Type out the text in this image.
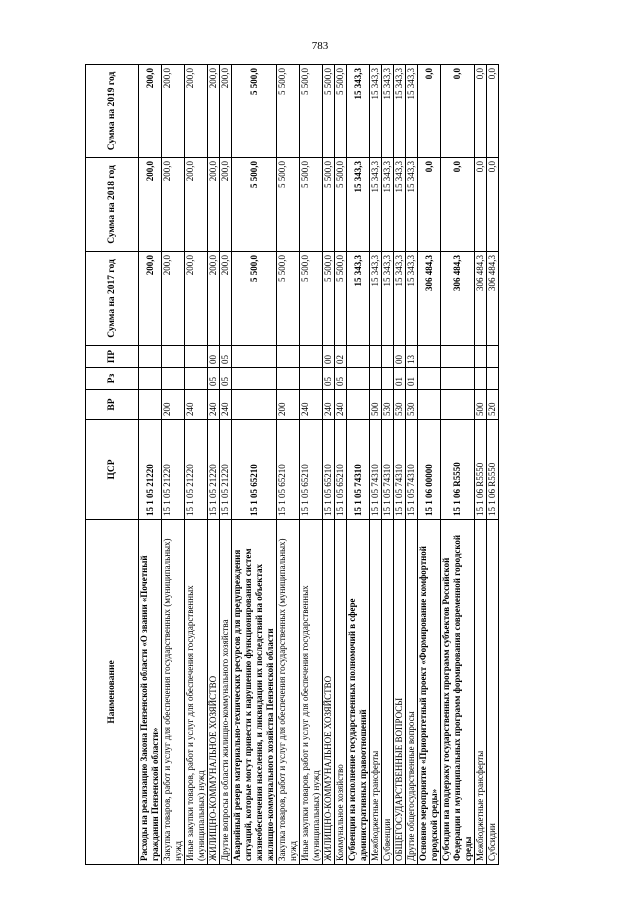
783
Наименование	ЦСР	ВР	Рз	ПР	Сумма на 2017 год	Сумма на 2018 год	Сумма на 2019 год
Расходы на реализацию Закона Пензенской области «О звании «Почетный гражданин Пензенской области»	15 1 05 21220				200,0	200,0	200,0
Закупка товаров, работ и услуг для обеспечения государственных (муниципальных) нужд	15 1 05 21220	200			200,0	200,0	200,0
Иные закупки товаров, работ и услуг для обеспечения государственных (муниципальных) нужд	15 1 05 21220	240			200,0	200,0	200,0
ЖИЛИЩНО-КОММУНАЛЬНОЕ ХОЗЯЙСТВО	15 1 05 21220	240	05	00	200,0	200,0	200,0
Другие вопросы в области жилищно-коммунального хозяйства	15 1 05 21220	240	05	05	200,0	200,0	200,0
Аварийный резерв материально-технических ресурсов для предупреждения ситуаций, которые могут привести к нарушению функционирования систем жизнеобеспечения населения, и ликвидации их последствий на объектах жилищно-коммунального хозяйства Пензенской области	15 1 05 65210				5 500,0	5 500,0	5 500,0
Закупка товаров, работ и услуг для обеспечения государственных (муниципальных) нужд	15 1 05 65210	200			5 500,0	5 500,0	5 500,0
Иные закупки товаров, работ и услуг для обеспечения государственных (муниципальных) нужд	15 1 05 65210	240			5 500,0	5 500,0	5 500,0
ЖИЛИЩНО-КОММУНАЛЬНОЕ ХОЗЯЙСТВО	15 1 05 65210	240	05	00	5 500,0	5 500,0	5 500,0
Коммунальное хозяйство	15 1 05 65210	240	05	02	5 500,0	5 500,0	5 500,0
Субвенции на исполнение государственных полномочий в сфере административных правоотношений	15 1 05 74310				15 343,3	15 343,3	15 343,3
Межбюджетные трансферты	15 1 05 74310	500			15 343,3	15 343,3	15 343,3
Субвенции	15 1 05 74310	530			15 343,3	15 343,3	15 343,3
ОБЩЕГОСУДАРСТВЕННЫЕ ВОПРОСЫ	15 1 05 74310	530	01	00	15 343,3	15 343,3	15 343,3
Другие общегосударственные вопросы	15 1 05 74310	530	01	13	15 343,3	15 343,3	15 343,3
Основное мероприятие «Приоритетный проект «Формирование комфортной городской среды»	15 1 06 00000				306 484,3	0,0	0,0
Субсидии на поддержку государственных программ субъектов Российской Федерации и муниципальных программ формирования современной городской среды	15 1 06 R5550				306 484,3	0,0	0,0
Межбюджетные трансферты	15 1 06 R5550	500			306 484,3	0,0	0,0
Субсидии	15 1 06 R5550	520			306 484,3	0,0	0,0
